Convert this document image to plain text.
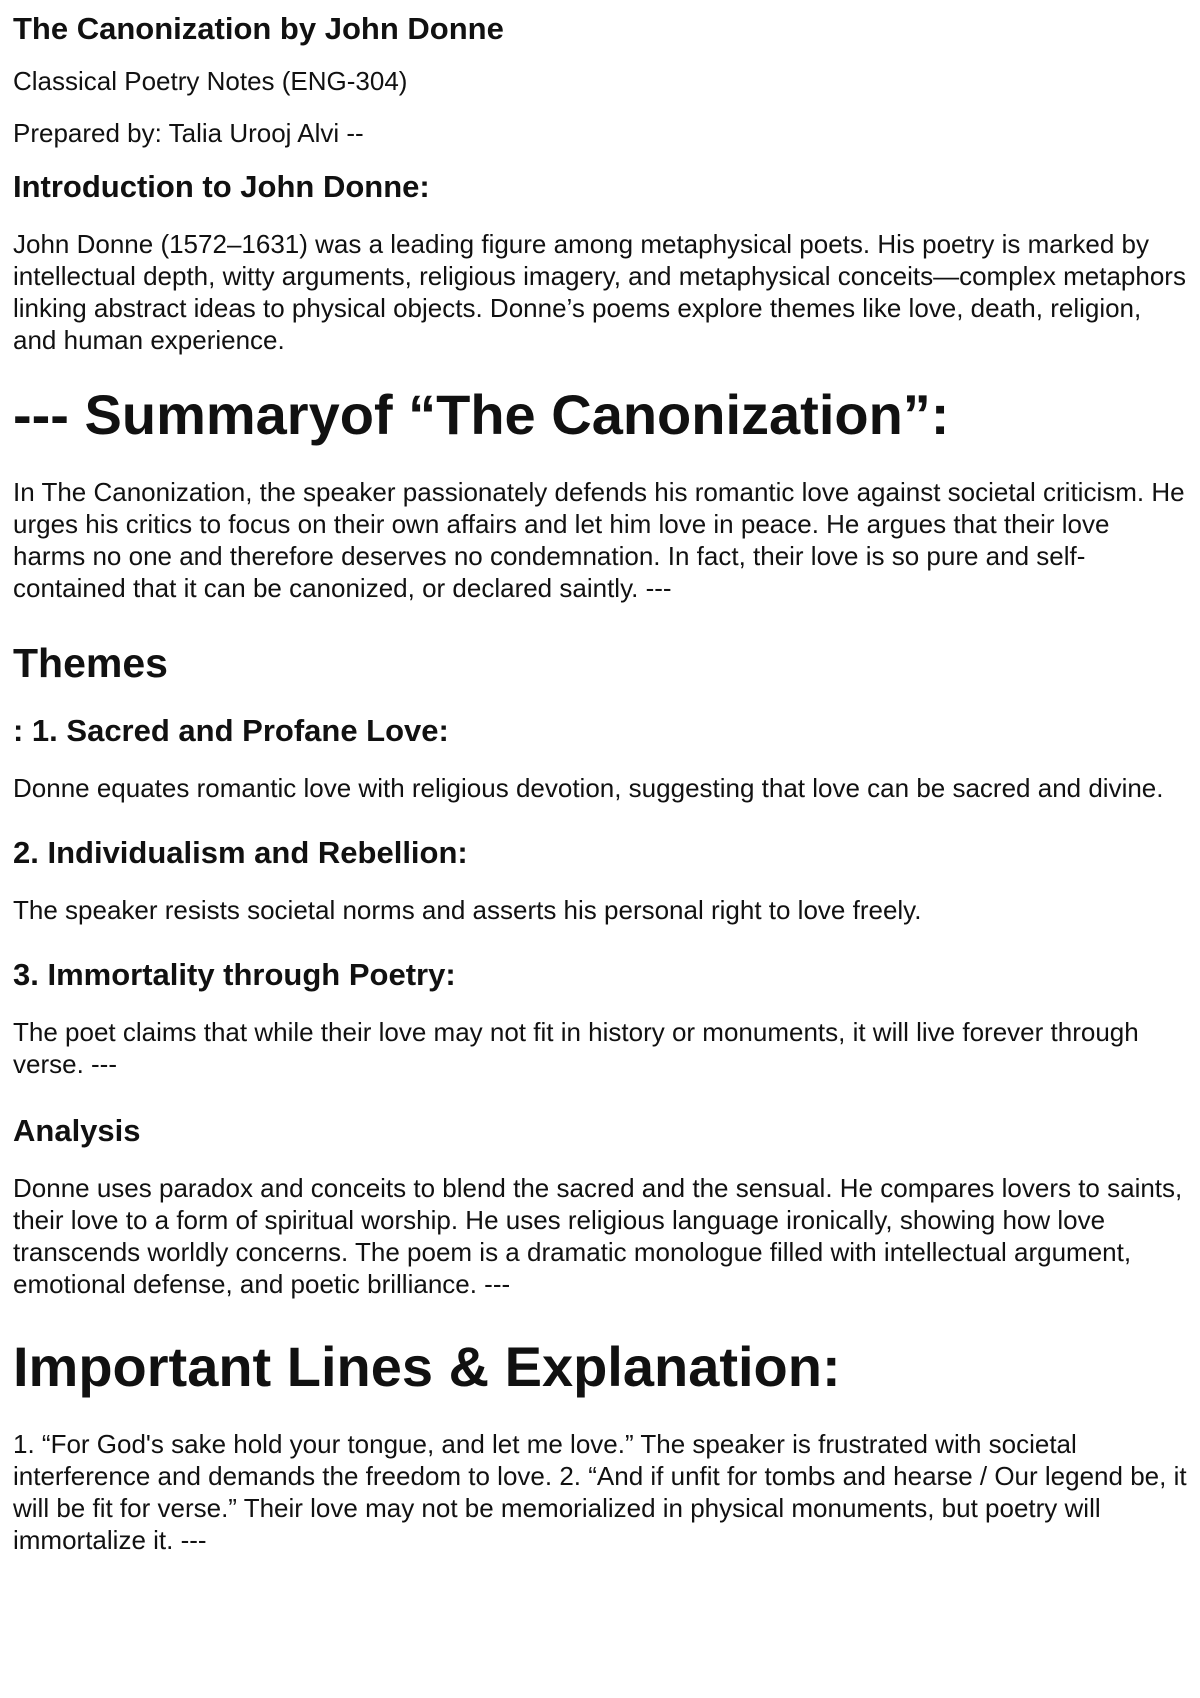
The Canonization by John Donne
Classical Poetry Notes (ENG-304)
Prepared by: Talia Urooj Alvi --
Introduction to John Donne:

John Donne (1572–1631) was a leading figure among metaphysical poets. His poetry is marked by intellectual depth, witty arguments, religious imagery, and metaphysical conceits—complex metaphors linking abstract ideas to physical objects. Donne’s poems explore themes like love, death, religion, and human experience.

--- Summaryof “The Canonization”:

In The Canonization, the speaker passionately defends his romantic love against societal criticism. He urges his critics to focus on their own affairs and let him love in peace. He argues that their love harms no one and therefore deserves no condemnation. In fact, their love is so pure and self-contained that it can be canonized, or declared saintly. ---

Themes
: 1. Sacred and Profane Love:

Donne equates romantic love with religious devotion, suggesting that love can be sacred and divine.

2. Individualism and Rebellion:

The speaker resists societal norms and asserts his personal right to love freely.

3. Immortality through Poetry:

The poet claims that while their love may not fit in history or monuments, it will live forever through verse. ---

Analysis

Donne uses paradox and conceits to blend the sacred and the sensual. He compares lovers to saints, their love to a form of spiritual worship. He uses religious language ironically, showing how love transcends worldly concerns. The poem is a dramatic monologue filled with intellectual argument, emotional defense, and poetic brilliance. ---

Important Lines & Explanation:

1. “For God's sake hold your tongue, and let me love.” The speaker is frustrated with societal interference and demands the freedom to love. 2. “And if unfit for tombs and hearse / Our legend be, it will be fit for verse.” Their love may not be memorialized in physical monuments, but poetry will immortalize it. ---
